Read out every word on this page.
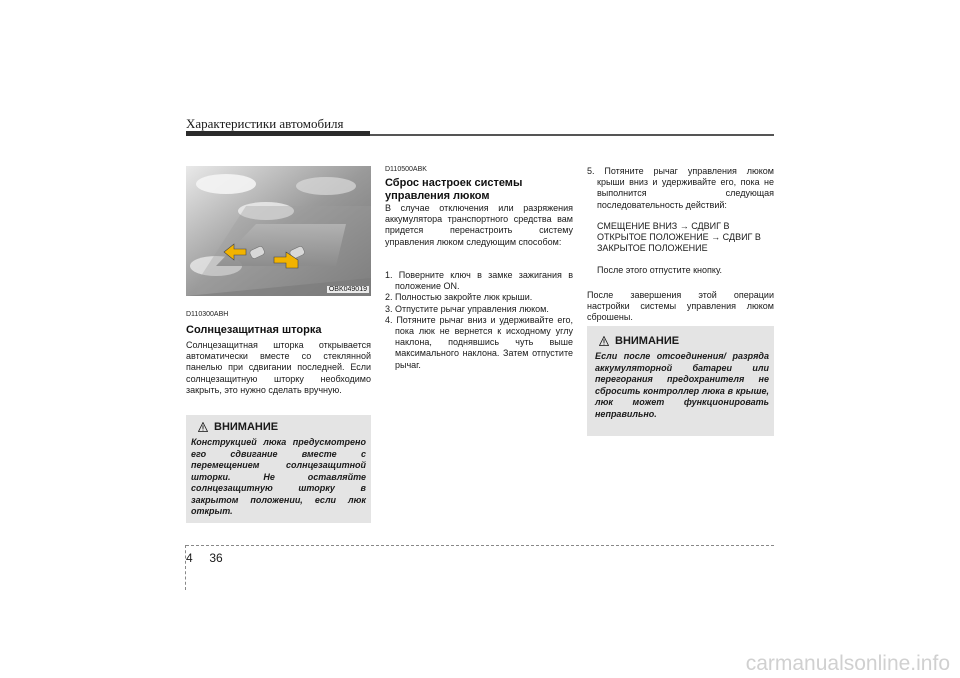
Характеристики автомобиля
OBK049019
D110300ABH
Солнцезащитная шторка

Солнцезащитная шторка открывается автоматически вместе со стеклянной панелью при сдвигании последней. Если солнцезащитную шторку необходимо закрыть, это нужно сделать вручную.

ВНИМАНИЕ
Конструкцией люка предусмотрено его сдвигание вместе с перемещением солнцезащитной шторки. Не оставляйте солнцезащитную шторку в закрытом положении, если люк открыт.
D110500ABK
Сброс настроек системы
управления люком

В случае отключения или разряжения аккумулятора транспортного средства вам придется перенастроить систему управления люком следующим способом:

1. Поверните ключ в замке зажигания в положение ON.
2. Полностью закройте люк крыши.
3. Отпустите рычаг управления люком.
4. Потяните рычаг вниз и удерживайте его, пока люк не вернется к исходному углу наклона, поднявшись чуть выше максимального наклона. Затем отпустите рычаг.
5. Потяните рычаг управления люком крыши вниз и удерживайте его, пока не выполнится следующая последовательность действий:
СМЕЩЕНИЕ ВНИЗ → СДВИГ В ОТКРЫТОЕ ПОЛОЖЕНИЕ → СДВИГ В ЗАКРЫТОЕ ПОЛОЖЕНИЕ
После этого отпустите кнопку.
После завершения этой операции настройки системы управления люком сброшены.
ВНИМАНИЕ
Если после отсоединения/ разряда аккумуляторной батареи или перегорания предохранителя не сбросить контроллер люка в крыше, люк может функционировать неправильно.
4 36
carmanualsonline.info
